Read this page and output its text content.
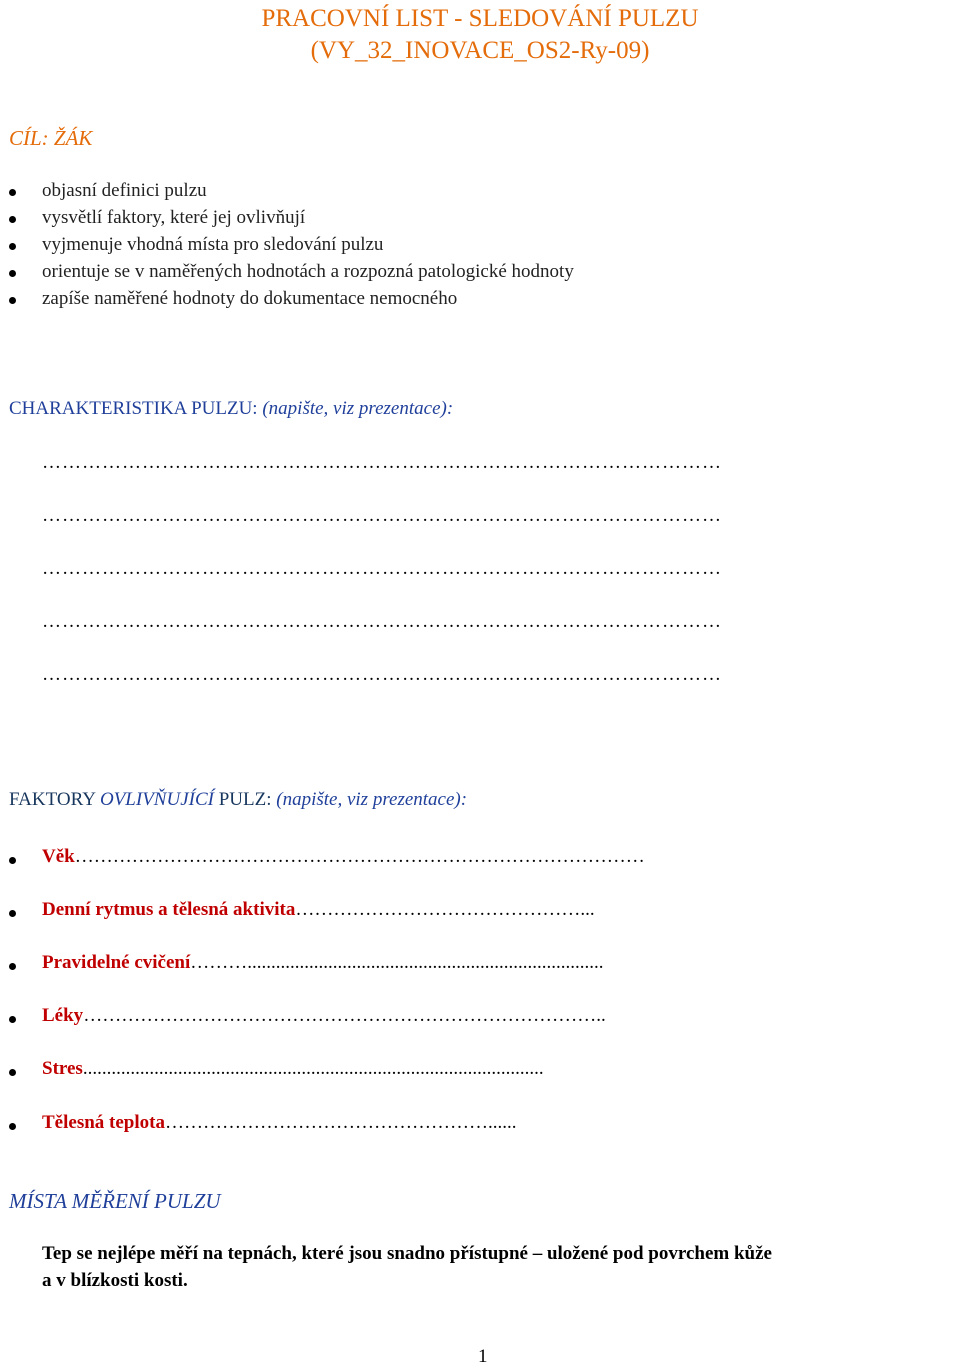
PRACOVNÍ LIST - SLEDOVÁNÍ PULZU
(VY_32_INOVACE_OS2-Ry-09)
CÍL: ŽÁK
objasní definici pulzu
vysvětlí faktory, které jej ovlivňují
vyjmenuje vhodná místa pro sledování pulzu
orientuje se v naměřených hodnotách a rozpozná patologické hodnoty
zapíše naměřené hodnoty do dokumentace nemocného
CHARAKTERISTIKA PULZU: (napište, viz prezentace):
…………………………………………………………………………………………
…………………………………………………………………………………………
…………………………………………………………………………………………
…………………………………………………………………………………………
…………………………………………………………………………………………
FAKTORY OVLIVŇUJÍCÍ PULZ: (napište, viz prezentace):
Věk………………………………………………………………………………
Denní rytmus a tělesná aktivita………………………………………...
Pravidelné cvičení………...........................................................................
Léky………………………………………………………………………..
Stres.................................................................................................
Tělesná teplota……………………………………………......
MÍSTA MĚŘENÍ PULZU
Tep se nejlépe měří na tepnách, které jsou snadno přístupné – uložené pod povrchem kůže
a v blízkosti kosti.
1
